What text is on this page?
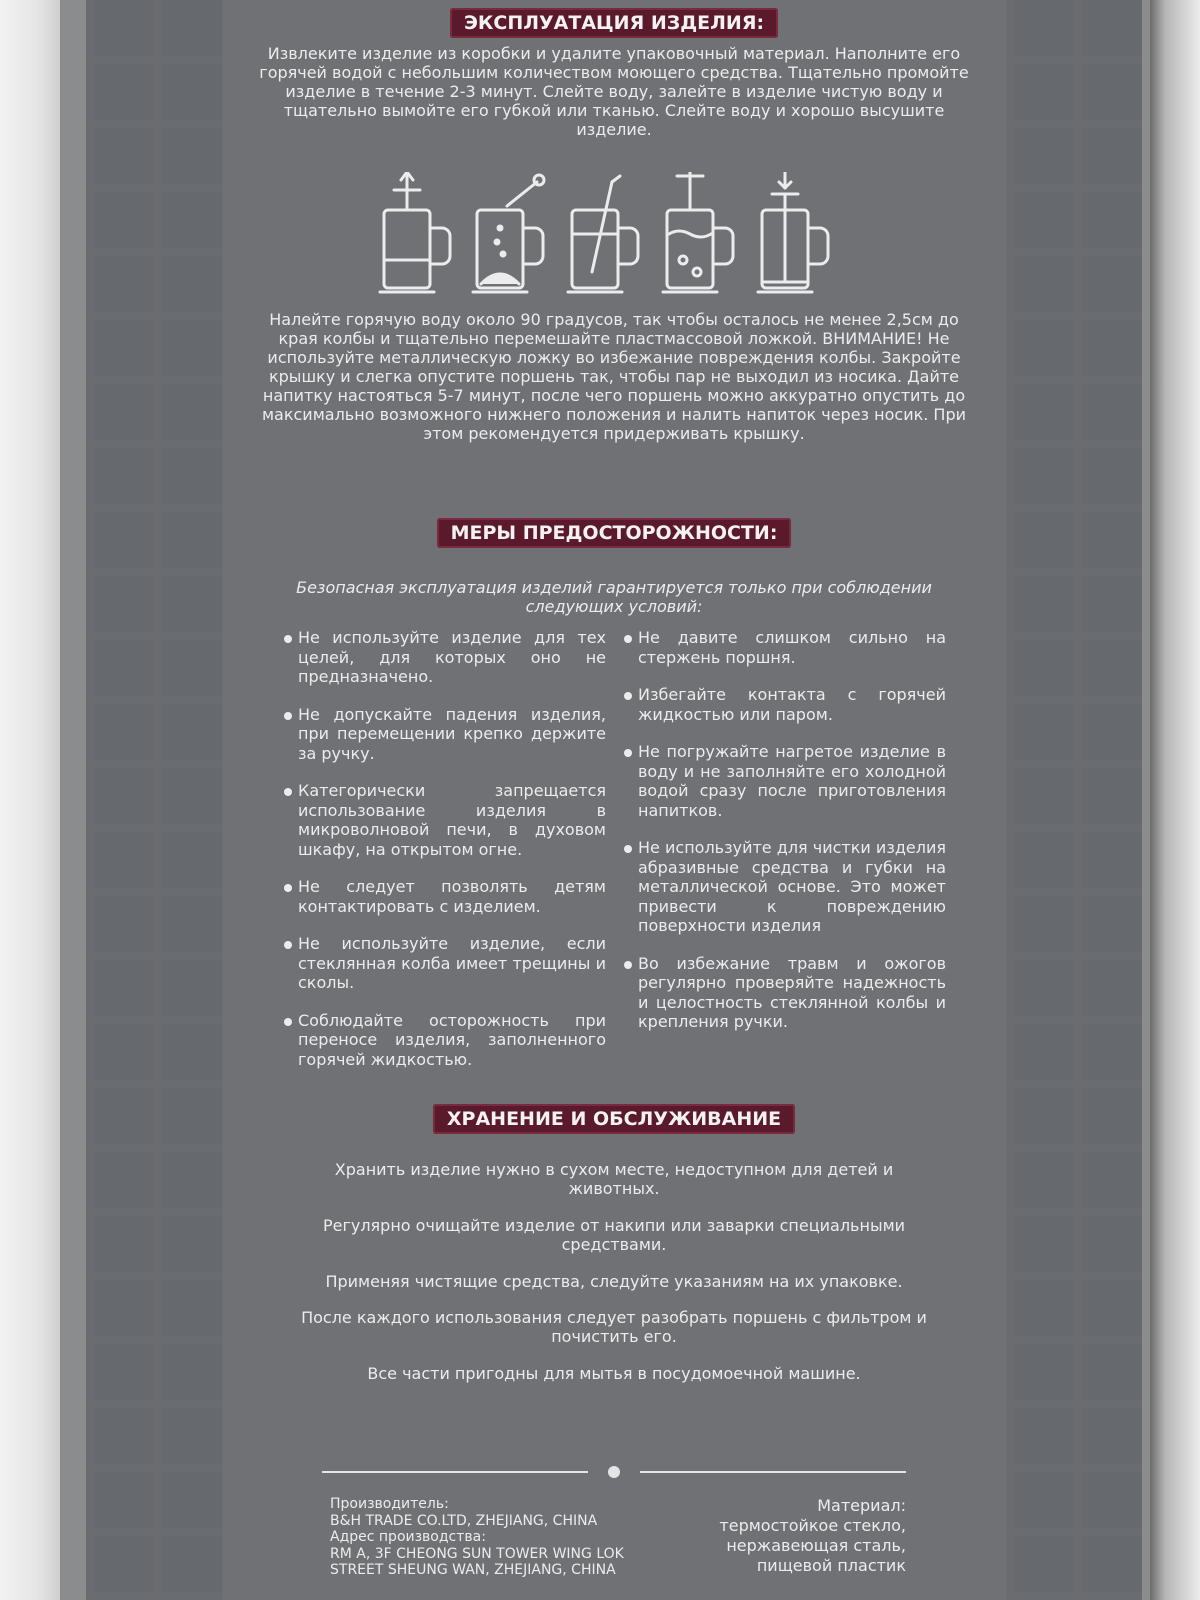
ЭКСПЛУАТАЦИЯ ИЗДЕЛИЯ:
Извлеките изделие из коробки и удалите упаковочный материал. Наполните его горячей водой с небольшим количеством моющего средства. Тщательно промойте изделие в течение 2-3 минут. Слейте воду, залейте в изделие чистую воду и тщательно вымойте его губкой или тканью. Слейте воду и хорошо высушите изделие.
Налейте горячую воду около 90 градусов, так чтобы осталось не менее 2,5см до края колбы и тщательно перемешайте пластмассовой ложкой. ВНИМАНИЕ! Не используйте металлическую ложку во избежание повреждения колбы. Закройте крышку и слегка опустите поршень так, чтобы пар не выходил из носика. Дайте напитку настояться 5-7 минут, после чего поршень можно аккуратно опустить до максимально возможного нижнего положения и налить напиток через носик. При этом рекомендуется придерживать крышку.
МЕРЫ ПРЕДОСТОРОЖНОСТИ:
Безопасная эксплуатация изделий гарантируется только при соблюдении следующих условий:
Не используйте изделие для тех целей, для которых оно не предназначено.
Не допускайте падения изделия, при перемещении крепко держите за ручку.
Категорически запрещается использование изделия в микроволновой печи, в духовом шкафу, на открытом огне.
Не следует позволять детям контактировать с изделием.
Не используйте изделие, если стеклянная колба имеет трещины и сколы.
Соблюдайте осторожность при переносе изделия, заполненного горячей жидкостью.
Не давите слишком сильно на стержень поршня.
Избегайте контакта с горячей жидкостью или паром.
Не погружайте нагретое изделие в воду и не заполняйте его холодной водой сразу после приготовления напитков.
Не используйте для чистки изделия абразивные средства и губки на металлической основе. Это может привести к повреждению поверхности изделия
Во избежание травм и ожогов регулярно проверяйте надежность и целостность стеклянной колбы и крепления ручки.
ХРАНЕНИЕ И ОБСЛУЖИВАНИЕ
Хранить изделие нужно в сухом месте, недоступном для детей и животных.
Регулярно очищайте изделие от накипи или заварки специальными средствами.
Применяя чистящие средства, следуйте указаниям на их упаковке.
После каждого использования следует разобрать поршень с фильтром и почистить его.
Все части пригодны для мытья в посудомоечной машине.
Производитель:
B&H TRADE CO.LTD, ZHEJIANG, CHINA
Адрес производства:
RM A, 3F CHEONG SUN TOWER WING LOK STREET SHEUNG WAN, ZHEJIANG, CHINA
Материал:
термостойкое стекло,
нержавеющая сталь,
пищевой пластик
